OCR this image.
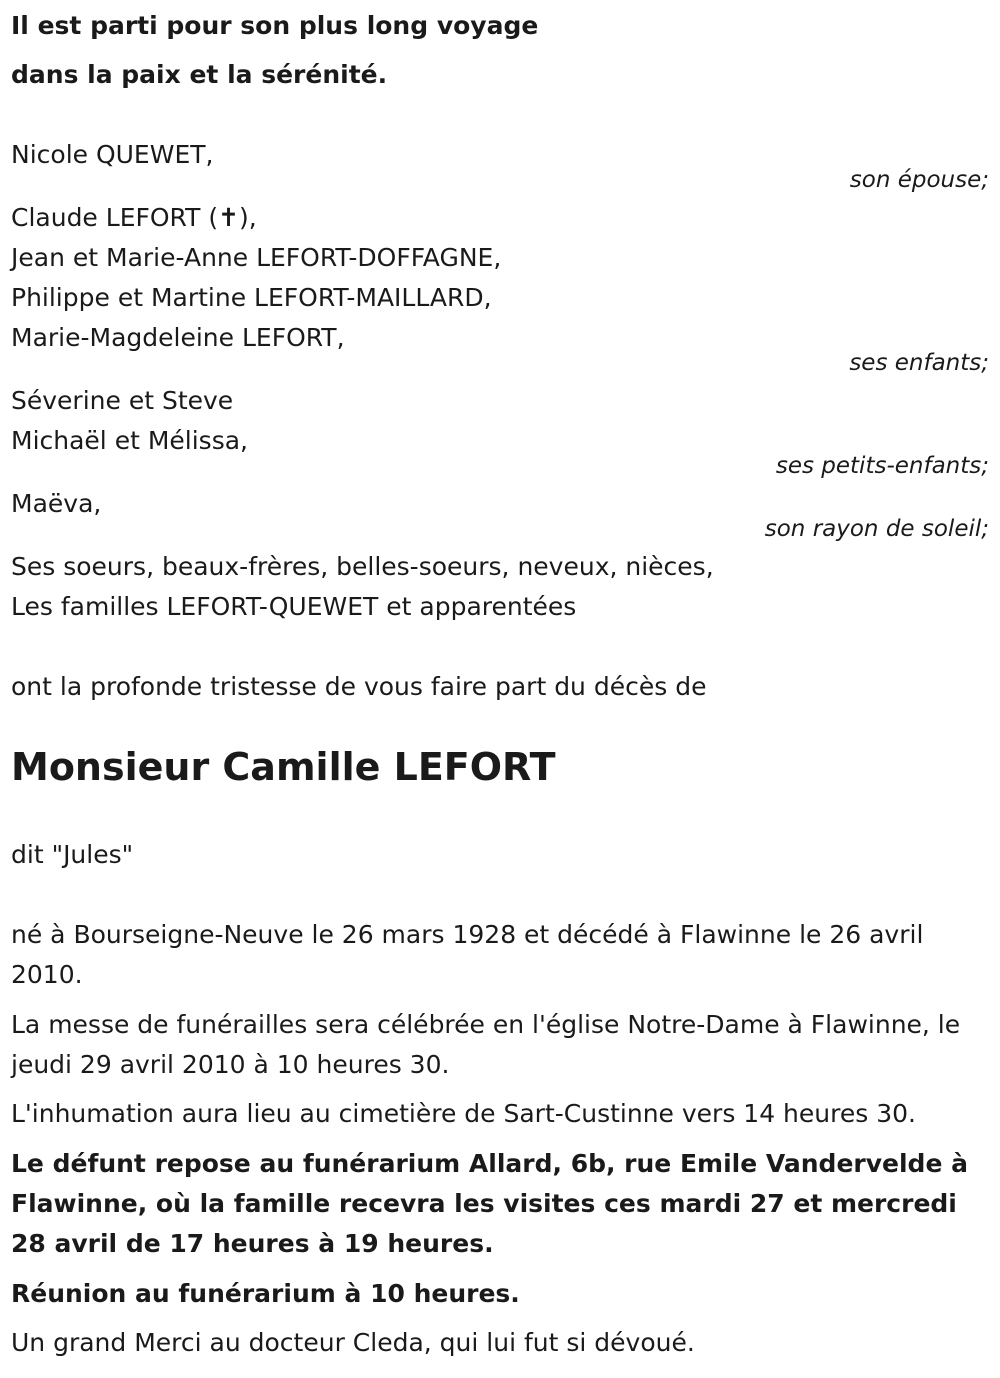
Il est parti pour son plus long voyage
dans la paix et la sérénité.
Nicole QUEWET,
son épouse;
Claude LEFORT (✝),
Jean et Marie-Anne LEFORT-DOFFAGNE,
Philippe et Martine LEFORT-MAILLARD,
Marie-Magdeleine LEFORT,
ses enfants;
Séverine et Steve
Michaël et Mélissa,
ses petits-enfants;
Maëva,
son rayon de soleil;
Ses soeurs, beaux-frères, belles-soeurs, neveux, nièces,
Les familles LEFORT-QUEWET et apparentées
ont la profonde tristesse de vous faire part du décès de
Monsieur Camille LEFORT
dit "Jules"
né à Bourseigne-Neuve le 26 mars 1928 et décédé à Flawinne le 26 avril 2010.
La messe de funérailles sera célébrée en l'église Notre-Dame à Flawinne, le jeudi 29 avril 2010 à 10 heures 30.
L'inhumation aura lieu au cimetière de Sart-Custinne vers 14 heures 30.
Le défunt repose au funérarium Allard, 6b, rue Emile Vandervelde à Flawinne, où la famille recevra les visites ces mardi 27 et mercredi 28 avril de 17 heures à 19 heures.
Réunion au funérarium à 10 heures.
Un grand Merci au docteur Cleda, qui lui fut si dévoué.
